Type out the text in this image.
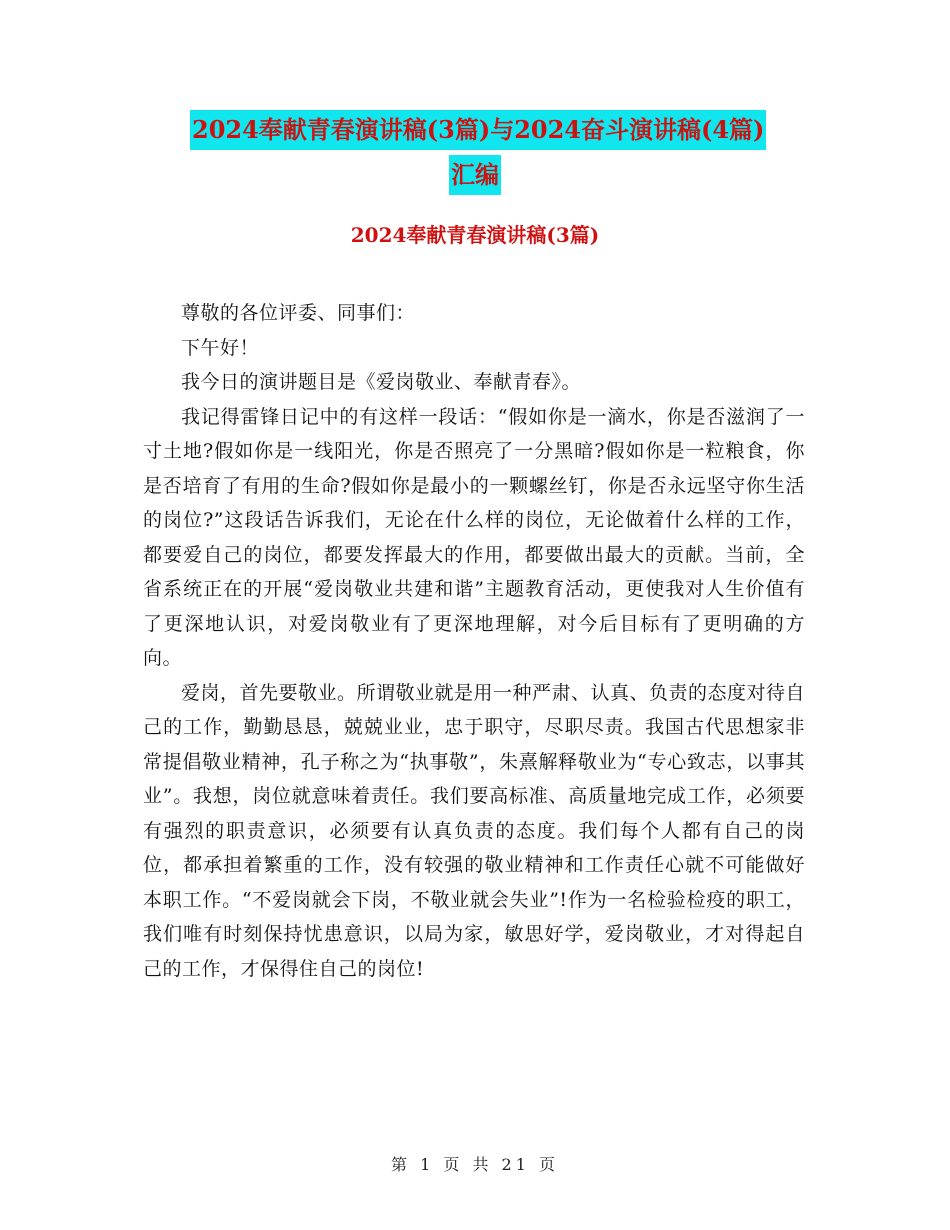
2024奉献青春演讲稿(3篇)与2024奋斗演讲稿(4篇)
汇编
2024奉献青春演讲稿(3篇)

尊敬的各位评委、同事们：

下午好！

我今日的演讲题目是《爱岗敬业、奉献青春》。

我记得雷锋日记中的有这样一段话：“假如你是一滴水，你是否滋润了一寸土地?假如你是一线阳光，你是否照亮了一分黑暗?假如你是一粒粮食，你是否培育了有用的生命?假如你是最小的一颗螺丝钉，你是否永远坚守你生活的岗位?”这段话告诉我们，无论在什么样的岗位，无论做着什么样的工作，都要爱自己的岗位，都要发挥最大的作用，都要做出最大的贡献。当前，全省系统正在的开展“爱岗敬业共建和谐”主题教育活动，更使我对人生价值有了更深地认识，对爱岗敬业有了更深地理解，对今后目标有了更明确的方向。

爱岗，首先要敬业。所谓敬业就是用一种严肃、认真、负责的态度对待自己的工作，勤勤恳恳，兢兢业业，忠于职守，尽职尽责。我国古代思想家非常提倡敬业精神，孔子称之为“执事敬”，朱熹解释敬业为“专心致志，以事其业”。我想，岗位就意味着责任。我们要高标准、高质量地完成工作，必须要有强烈的职责意识，必须要有认真负责的态度。我们每个人都有自己的岗位，都承担着繁重的工作，没有较强的敬业精神和工作责任心就不可能做好本职工作。“不爱岗就会下岗，不敬业就会失业”!作为一名检验检疫的职工，我们唯有时刻保持忧患意识，以局为家，敏思好学，爱岗敬业，才对得起自己的工作，才保得住自己的岗位!

第 1 页 共 21 页
